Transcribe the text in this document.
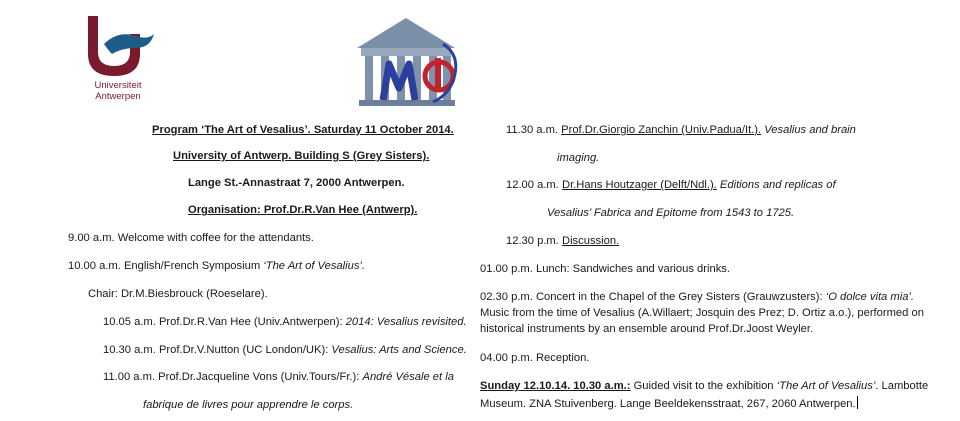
Universiteit
Antwerpen
Program ‘The Art of Vesalius’. Saturday 11 October 2014.
University of Antwerp. Building S (Grey Sisters).
Lange St.-Annastraat 7, 2000 Antwerpen.
Organisation: Prof.Dr.R.Van Hee (Antwerp).
9.00 a.m. Welcome with coffee for the attendants.
10.00 a.m. English/French Symposium ‘The Art of Vesalius’.
Chair: Dr.M.Biesbrouck (Roeselare).
10.05 a.m. Prof.Dr.R.Van Hee (Univ.Antwerpen): 2014: Vesalius revisited.
10.30 a.m. Prof.Dr.V.Nutton (UC London/UK): Vesalius: Arts and Science.
11.00 a.m. Prof.Dr.Jacqueline Vons (Univ.Tours/Fr.): André Vésale et la
fabrique de livres pour apprendre le corps.
11.30 a.m. Prof.Dr.Giorgio Zanchin (Univ.Padua/It.). Vesalius and brain
imaging.
12.00 a.m. Dr.Hans Houtzager (Delft/Ndl.). Editions and replicas of
Vesalius’ Fabrica and Epitome from 1543 to 1725.
12.30 p.m. Discussion.
01.00 p.m. Lunch: Sandwiches and various drinks.
02.30 p.m. Concert in the Chapel of the Grey Sisters (Grauwzusters): ‘O dolce vita mia’.
Music from the time of Vesalius (A.Willaert; Josquin des Prez; D. Ortiz a.o.), performed on
historical instruments by an ensemble around Prof.Dr.Joost Weyler.
04.00 p.m. Reception.
Sunday 12.10.14. 10.30 a.m.: Guided visit to the exhibition ‘The Art of Vesalius’. Lambotte
Museum. ZNA Stuivenberg. Lange Beeldekensstraat, 267, 2060 Antwerpen.
